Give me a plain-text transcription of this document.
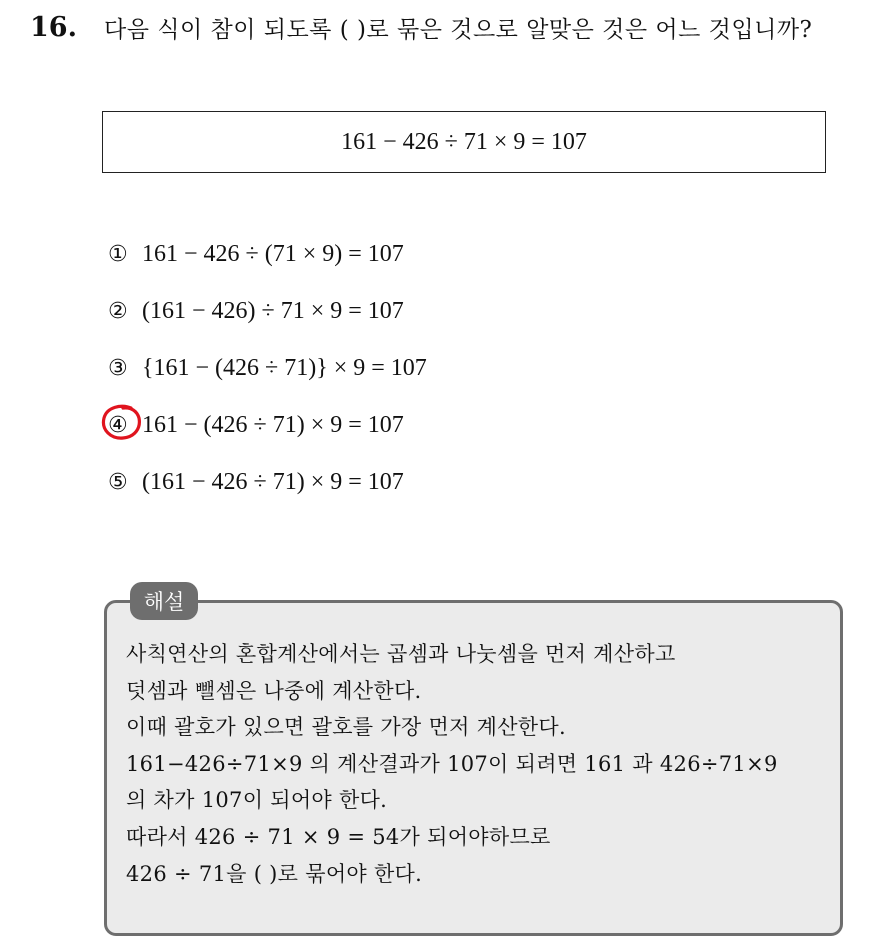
16. 다음 식이 참이 되도록 ( )로 묶은 것으로 알맞은 것은 어느 것입니까?
161 − 426 ÷ 71 × 9 = 107
① 161 − 426 ÷ (71 × 9) = 107
② (161 − 426) ÷ 71 × 9 = 107
③ {161 − (426 ÷ 71)} × 9 = 107
④ 161 − (426 ÷ 71) × 9 = 107
⑤ (161 − 426 ÷ 71) × 9 = 107
해설
사칙연산의 혼합계산에서는 곱셈과 나눗셈을 먼저 계산하고
덧셈과 뺄셈은 나중에 계산한다.
이때 괄호가 있으면 괄호를 가장 먼저 계산한다.
161−426÷71×9 의 계산결과가 107이 되려면 161 과 426÷71×9
의 차가 107이 되어야 한다.
따라서 426 ÷ 71 × 9 = 54가 되어야하므로
426 ÷ 71을 ( )로 묶어야 한다.
